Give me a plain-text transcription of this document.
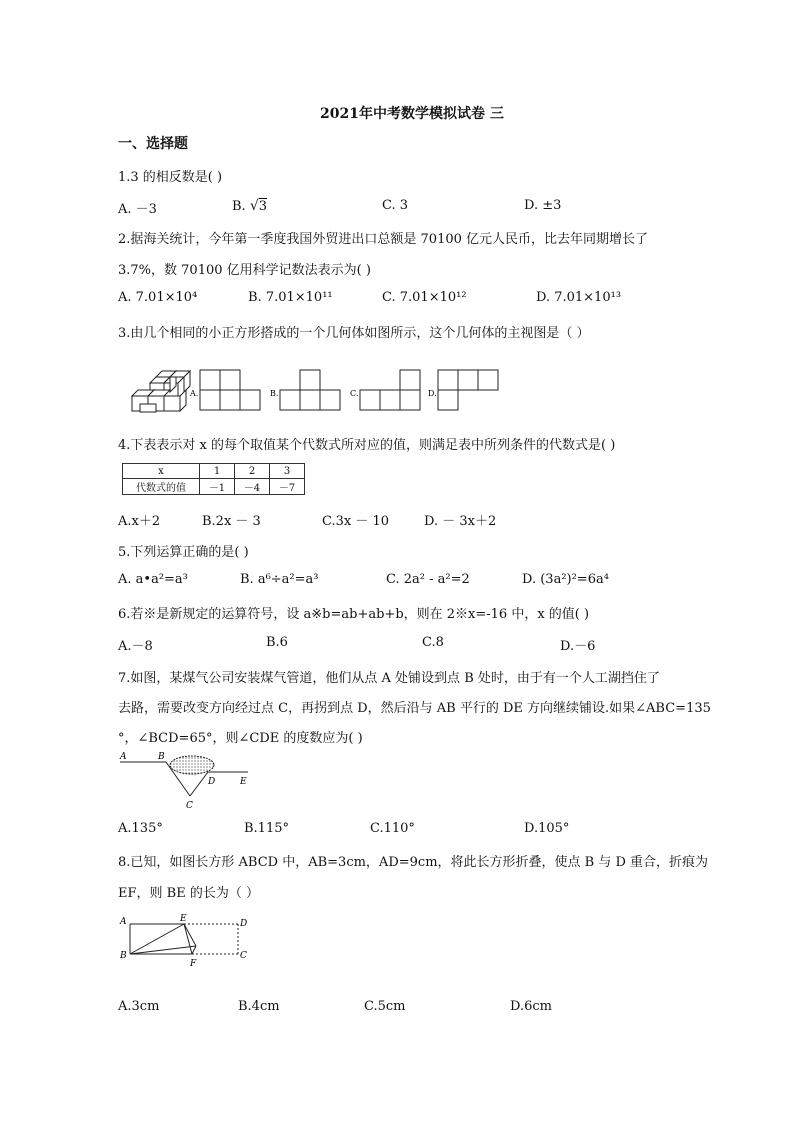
2021年中考数学模拟试卷 三
一、选择题
1.3 的相反数是( )
A. －3	B. √3	C. 3	D. ±3
2.据海关统计，今年第一季度我国外贸进出口总额是 70100 亿元人民币，比去年同期增长了
3.7%，数 70100 亿用科学记数法表示为( )
A. 7.01×10⁴	B. 7.01×10¹¹	C. 7.01×10¹²	D. 7.01×10¹³
3.由几个相同的小正方形搭成的一个几何体如图所示，这个几何体的主视图是（ ）
A.	B.	C.	D.
4.下表表示对 x 的每个取值某个代数式所对应的值，则满足表中所列条件的代数式是( )
x	1	2	3
代数式的值	－1	－4	－7
A.x＋2	B.2x － 3	C.3x － 10	D. － 3x＋2
5.下列运算正确的是( )
A. a•a²=a³	B. a⁶÷a²=a³	C. 2a² - a²=2	D. (3a²)²=6a⁴
6.若※是新规定的运算符号，设 a※b=ab+ab+b，则在 2※x=-16 中，x 的值( )
A.－8	B.6	C.8	D.－6
7.如图，某煤气公司安装煤气管道，他们从点 A 处铺设到点 B 处时，由于有一个人工湖挡住了
去路，需要改变方向经过点 C，再拐到点 D，然后沿与 AB 平行的 DE 方向继续铺设.如果∠ABC=135
°，∠BCD=65°，则∠CDE 的度数应为( )
A	B
C
D	E
A.135°	B.115°	C.110°	D.105°
8.已知，如图长方形 ABCD 中，AB=3cm，AD=9cm，将此长方形折叠，使点 B 与 D 重合，折痕为
EF，则 BE 的长为（ ）
A	E	D
B
F
C
A.3cm	B.4cm	C.5cm	D.6cm
